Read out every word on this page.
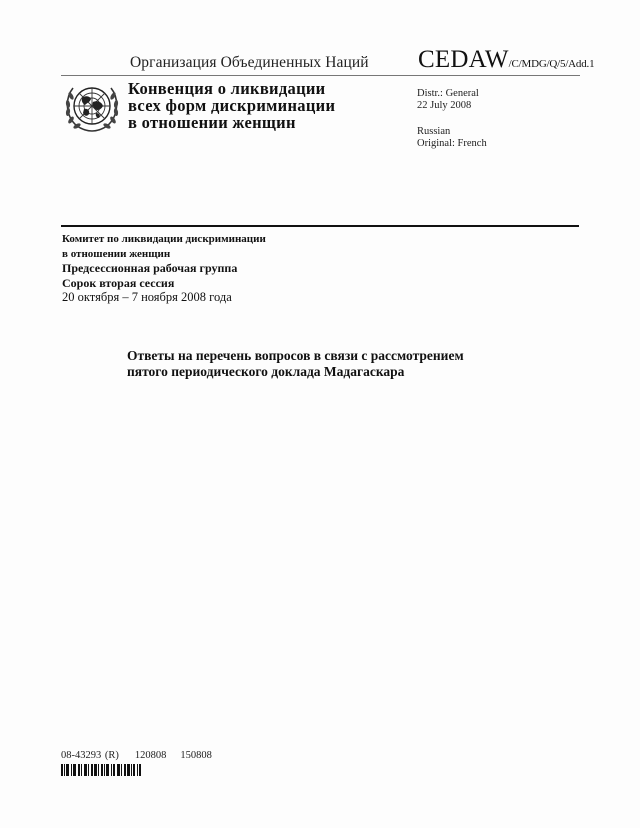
Организация Объединенных Наций CEDAW/C/MDG/Q/5/Add.1
Конвенция о ликвидации
всех форм дискриминации
в отношении женщин
Distr.: General
22 July 2008
Russian
Original: French
Комитет по ликвидации дискриминации
в отношении женщин
Предсессионная рабочая группа
Сорок вторая сессия
20 октября – 7 ноября 2008 года
Ответы на перечень вопросов в связи с рассмотрением
пятого периодического доклада Мадагаскара
08-43293 (R) 120808 150808
